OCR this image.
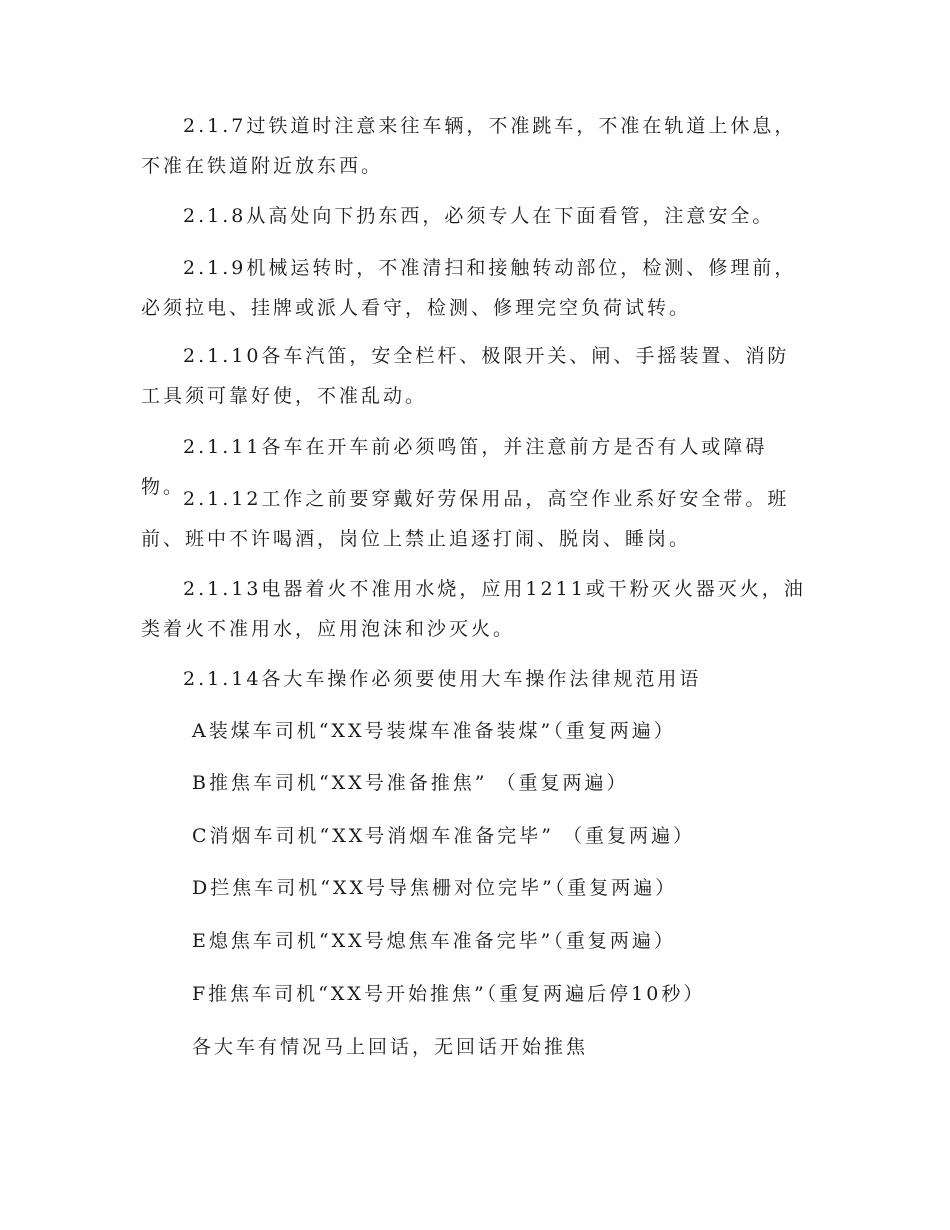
2.1.7过铁道时注意来往车辆，不准跳车，不准在轨道上休息，不准在铁道附近放东西。

2.1.8从高处向下扔东西，必须专人在下面看管，注意安全。

2.1.9机械运转时，不准清扫和接触转动部位，检测、修理前，必须拉电、挂牌或派人看守，检测、修理完空负荷试转。

2.1.10各车汽笛，安全栏杆、极限开关、闸、手摇装置、消防工具须可靠好使，不准乱动。

2.1.11各车在开车前必须鸣笛，并注意前方是否有人或障碍物。

2.1.12工作之前要穿戴好劳保用品，高空作业系好安全带。班前、班中不许喝酒，岗位上禁止追逐打闹、脱岗、睡岗。

2.1.13电器着火不准用水烧，应用1211或干粉灭火器灭火，油类着火不准用水，应用泡沫和沙灭火。

2.1.14各大车操作必须要使用大车操作法律规范用语

A装煤车司机“XX号装煤车准备装煤”（重复两遍）

B推焦车司机“XX号准备推焦” （重复两遍）

C消烟车司机“XX号消烟车准备完毕” （重复两遍）

D拦焦车司机“XX号导焦栅对位完毕”（重复两遍）

E熄焦车司机“XX号熄焦车准备完毕”（重复两遍）

F推焦车司机“XX号开始推焦”（重复两遍后停10秒）

各大车有情况马上回话，无回话开始推焦
